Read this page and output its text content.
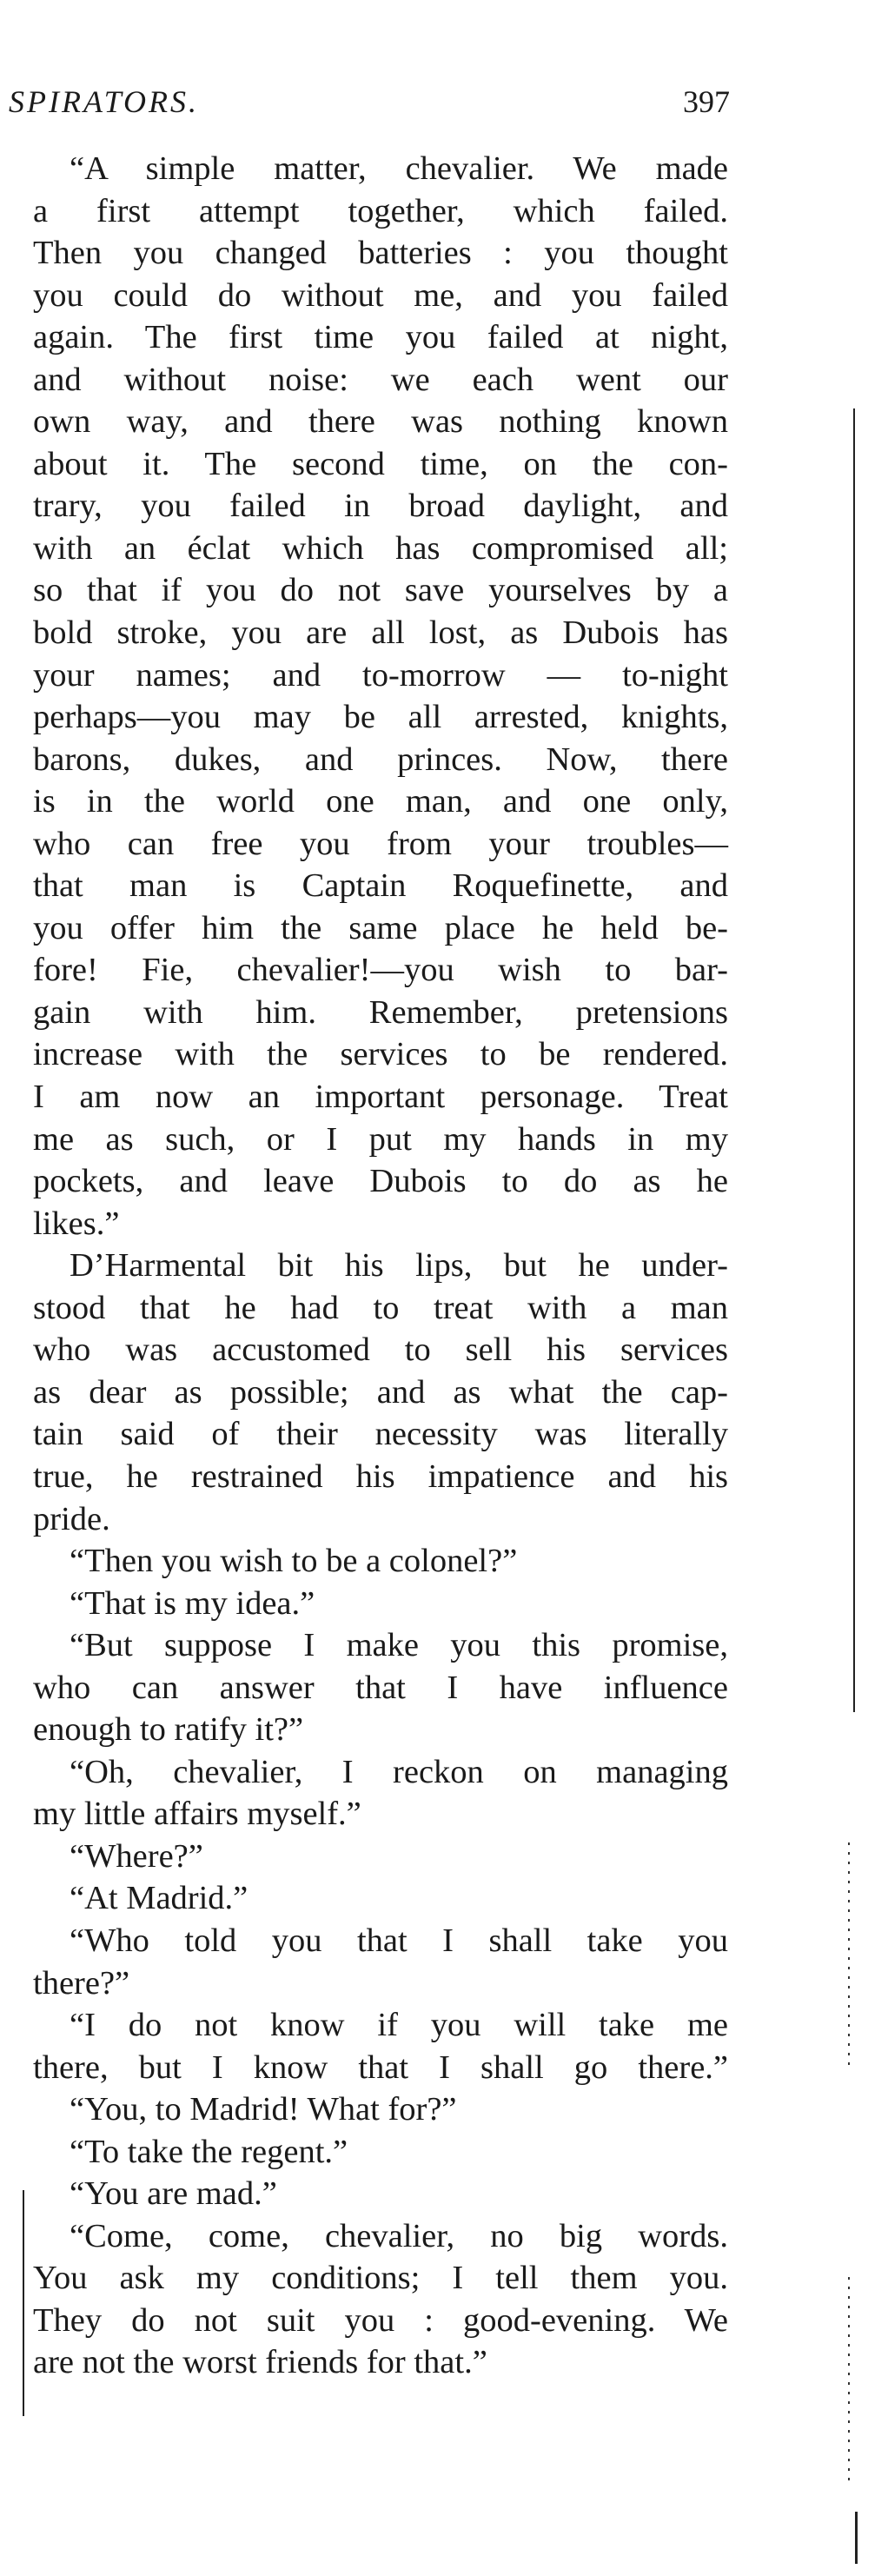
SPIRATORS.	397
“A simple matter, chevalier. We made
a first attempt together, which failed.
Then you changed batteries : you thought
you could do without me, and you failed
again. The first time you failed at night,
and without noise: we each went our
own way, and there was nothing known
about it. The second time, on the con-
trary, you failed in broad daylight, and
with an éclat which has compromised all;
so that if you do not save yourselves by a
bold stroke, you are all lost, as Dubois has
your names; and to-morrow — to-night
perhaps—you may be all arrested, knights,
barons, dukes, and princes. Now, there
is in the world one man, and one only,
who can free you from your troubles—
that man is Captain Roquefinette, and
you offer him the same place he held be-
fore! Fie, chevalier!—you wish to bar-
gain with him. Remember, pretensions
increase with the services to be rendered.
I am now an important personage. Treat
me as such, or I put my hands in my
pockets, and leave Dubois to do as he
likes.”
D’Harmental bit his lips, but he under-
stood that he had to treat with a man
who was accustomed to sell his services
as dear as possible; and as what the cap-
tain said of their necessity was literally
true, he restrained his impatience and his
pride.
“Then you wish to be a colonel?”
“That is my idea.”
“But suppose I make you this promise,
who can answer that I have influence
enough to ratify it?”
“Oh, chevalier, I reckon on managing
my little affairs myself.”
“Where?”
“At Madrid.”
“Who told you that I shall take you
there?”
“I do not know if you will take me
there, but I know that I shall go there.”
“You, to Madrid! What for?”
“To take the regent.”
“You are mad.”
“Come, come, chevalier, no big words.
You ask my conditions; I tell them you.
They do not suit you : good-evening. We
are not the worst friends for that.”
